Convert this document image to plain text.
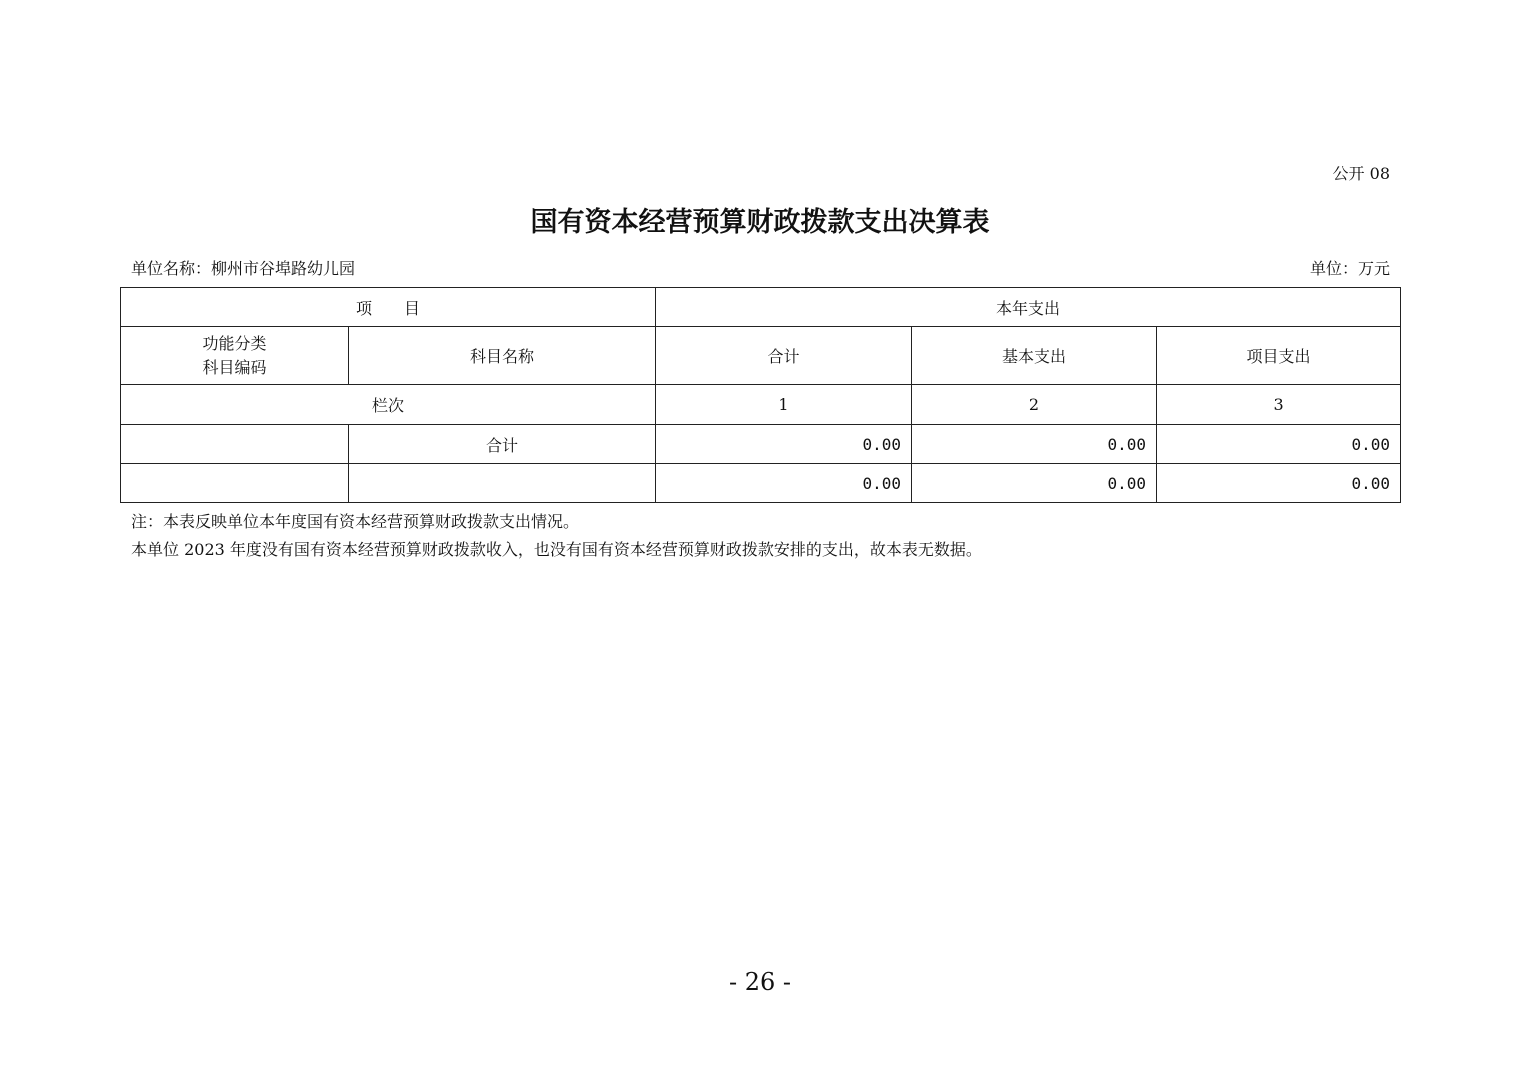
公开 08
国有资本经营预算财政拨款支出决算表
单位名称：柳州市谷埠路幼儿园	单位：万元
项　　目		本年支出		

功能分类
科目编码	科目名称	合计	基本支出	项目支出
栏次		1	2	3
	合计	0.00	0.00	0.00
		0.00	0.00	0.00
注：本表反映单位本年度国有资本经营预算财政拨款支出情况。
本单位 2023 年度没有国有资本经营预算财政拨款收入，也没有国有资本经营预算财政拨款安排的支出，故本表无数据。
- 26 -
